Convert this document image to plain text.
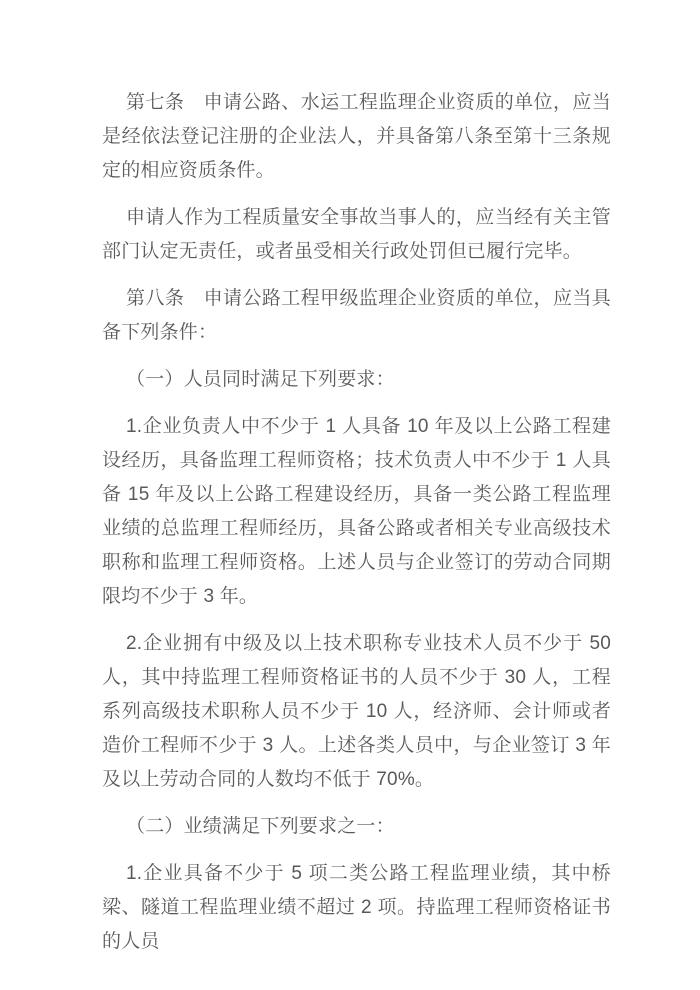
第七条　申请公路、水运工程监理企业资质的单位，应当是经依法登记注册的企业法人，并具备第八条至第十三条规定的相应资质条件。

申请人作为工程质量安全事故当事人的，应当经有关主管部门认定无责任，或者虽受相关行政处罚但已履行完毕。

第八条　申请公路工程甲级监理企业资质的单位，应当具备下列条件：

（一）人员同时满足下列要求：

1.企业负责人中不少于 1 人具备 10 年及以上公路工程建设经历，具备监理工程师资格；技术负责人中不少于 1 人具备 15 年及以上公路工程建设经历，具备一类公路工程监理业绩的总监理工程师经历，具备公路或者相关专业高级技术职称和监理工程师资格。上述人员与企业签订的劳动合同期限均不少于 3 年。

2.企业拥有中级及以上技术职称专业技术人员不少于 50 人，其中持监理工程师资格证书的人员不少于 30 人，工程系列高级技术职称人员不少于 10 人，经济师、会计师或者造价工程师不少于 3 人。上述各类人员中，与企业签订 3 年及以上劳动合同的人数均不低于 70%。

（二）业绩满足下列要求之一：

1.企业具备不少于 5 项二类公路工程监理业绩，其中桥梁、隧道工程监理业绩不超过 2 项。持监理工程师资格证书的人员
